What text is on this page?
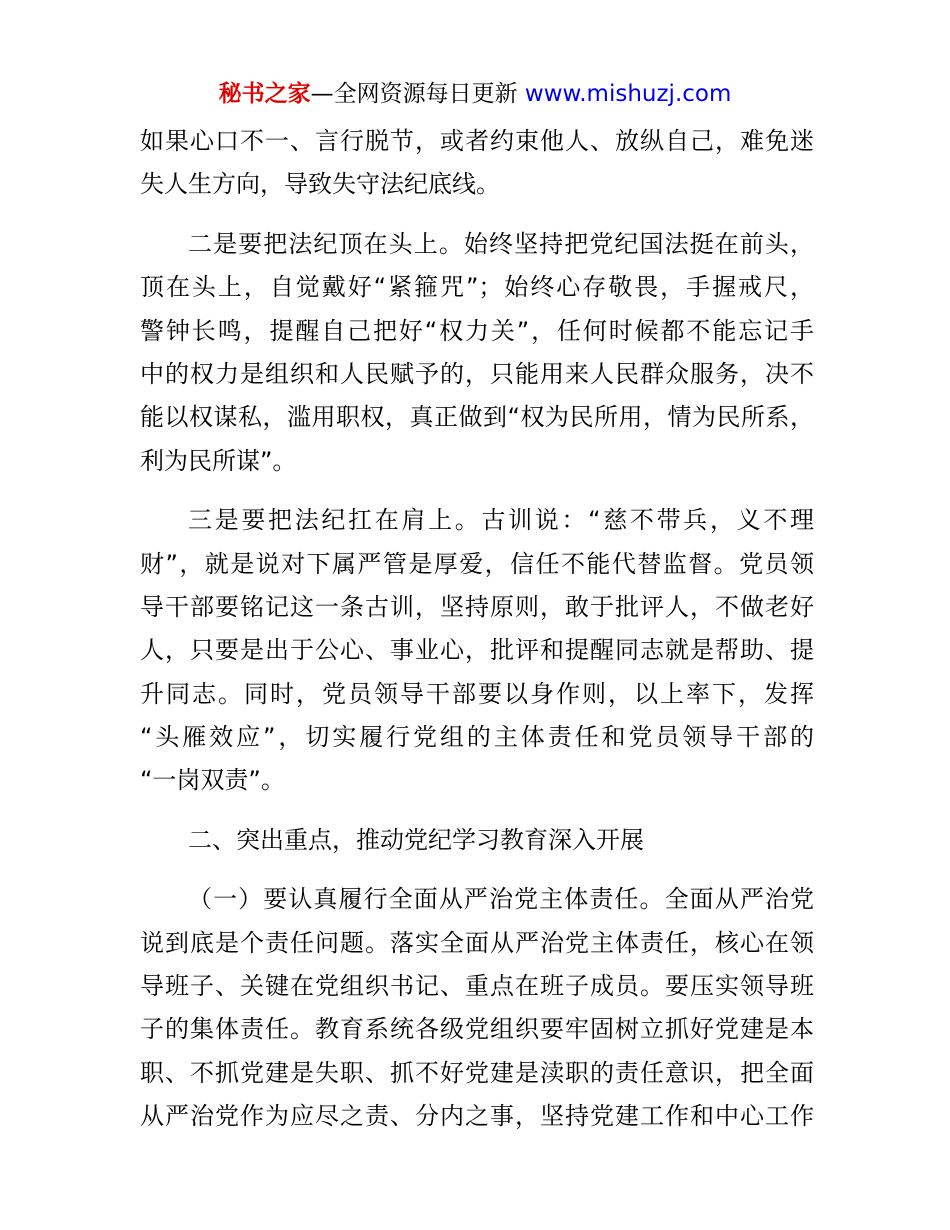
秘书之家—全网资源每日更新 www.mishuzj.com
如果心口不一、言行脱节，或者约束他人、放纵自己，难免迷
失人生方向，导致失守法纪底线。
二是要把法纪顶在头上。始终坚持把党纪国法挺在前头，
顶在头上，自觉戴好“紧箍咒”；始终心存敬畏，手握戒尺，
警钟长鸣，提醒自己把好“权力关”，任何时候都不能忘记手
中的权力是组织和人民赋予的，只能用来人民群众服务，决不
能以权谋私，滥用职权，真正做到“权为民所用，情为民所系，
利为民所谋”。
三是要把法纪扛在肩上。古训说：“慈不带兵，义不理
财”，就是说对下属严管是厚爱，信任不能代替监督。党员领
导干部要铭记这一条古训，坚持原则，敢于批评人，不做老好
人，只要是出于公心、事业心，批评和提醒同志就是帮助、提
升同志。同时，党员领导干部要以身作则，以上率下，发挥
“头雁效应”，切实履行党组的主体责任和党员领导干部的
“一岗双责”。
二、突出重点，推动党纪学习教育深入开展
（一）要认真履行全面从严治党主体责任。全面从严治党
说到底是个责任问题。落实全面从严治党主体责任，核心在领
导班子、关键在党组织书记、重点在班子成员。要压实领导班
子的集体责任。教育系统各级党组织要牢固树立抓好党建是本
职、不抓党建是失职、抓不好党建是渎职的责任意识，把全面
从严治党作为应尽之责、分内之事，坚持党建工作和中心工作
